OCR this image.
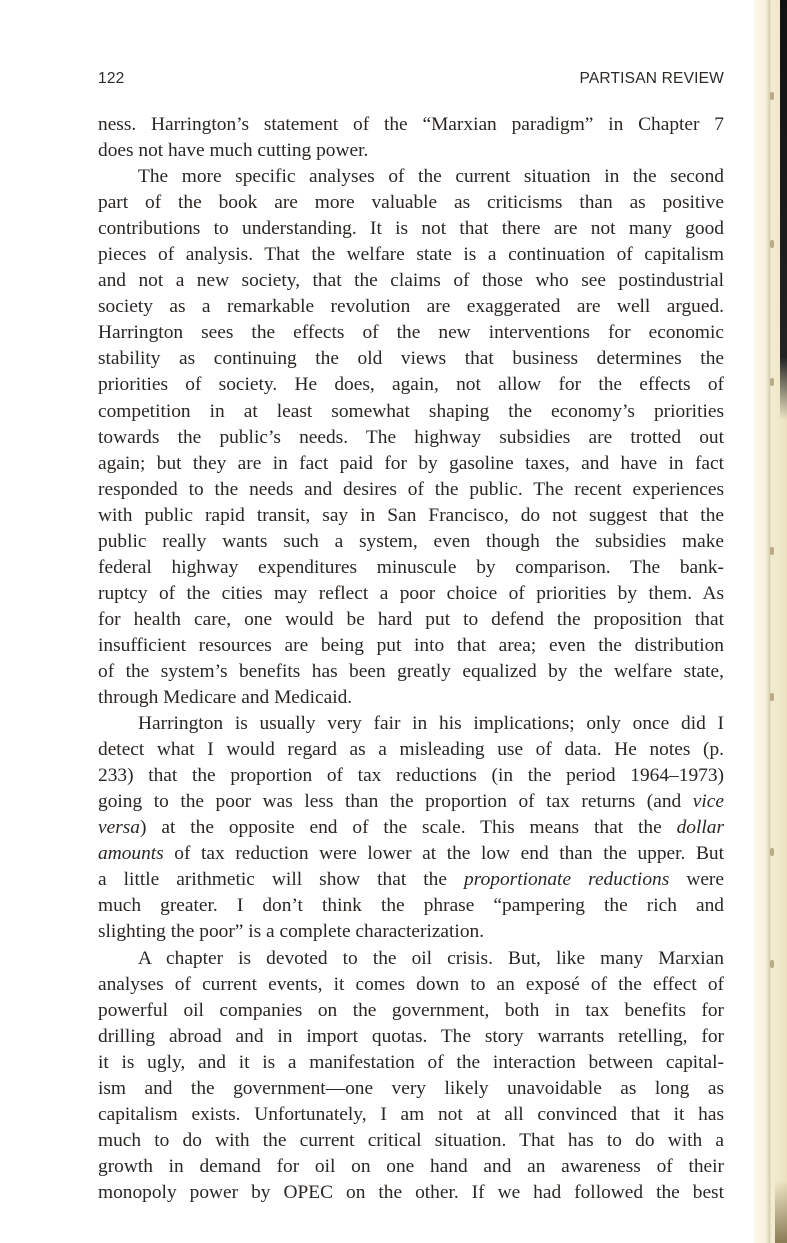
122	PARTISAN REVIEW
ness. Harrington’s statement of the “Marxian paradigm” in Chapter 7
does not have much cutting power.
The more specific analyses of the current situation in the second
part of the book are more valuable as criticisms than as positive
contributions to understanding. It is not that there are not many good
pieces of analysis. That the welfare state is a continuation of capitalism
and not a new society, that the claims of those who see postindustrial
society as a remarkable revolution are exaggerated are well argued.
Harrington sees the effects of the new interventions for economic
stability as continuing the old views that business determines the
priorities of society. He does, again, not allow for the effects of
competition in at least somewhat shaping the economy’s priorities
towards the public’s needs. The highway subsidies are trotted out
again; but they are in fact paid for by gasoline taxes, and have in fact
responded to the needs and desires of the public. The recent experiences
with public rapid transit, say in San Francisco, do not suggest that the
public really wants such a system, even though the subsidies make
federal highway expenditures minuscule by comparison. The bank-
ruptcy of the cities may reflect a poor choice of priorities by them. As
for health care, one would be hard put to defend the proposition that
insufficient resources are being put into that area; even the distribution
of the system’s benefits has been greatly equalized by the welfare state,
through Medicare and Medicaid.
Harrington is usually very fair in his implications; only once did I
detect what I would regard as a misleading use of data. He notes (p.
233) that the proportion of tax reductions (in the period 1964–1973)
going to the poor was less than the proportion of tax returns (and vice
versa) at the opposite end of the scale. This means that the dollar
amounts of tax reduction were lower at the low end than the upper. But
a little arithmetic will show that the proportionate reductions were
much greater. I don’t think the phrase “pampering the rich and
slighting the poor” is a complete characterization.
A chapter is devoted to the oil crisis. But, like many Marxian
analyses of current events, it comes down to an exposé of the effect of
powerful oil companies on the government, both in tax benefits for
drilling abroad and in import quotas. The story warrants retelling, for
it is ugly, and it is a manifestation of the interaction between capital-
ism and the government—one very likely unavoidable as long as
capitalism exists. Unfortunately, I am not at all convinced that it has
much to do with the current critical situation. That has to do with a
growth in demand for oil on one hand and an awareness of their
monopoly power by OPEC on the other. If we had followed the best
